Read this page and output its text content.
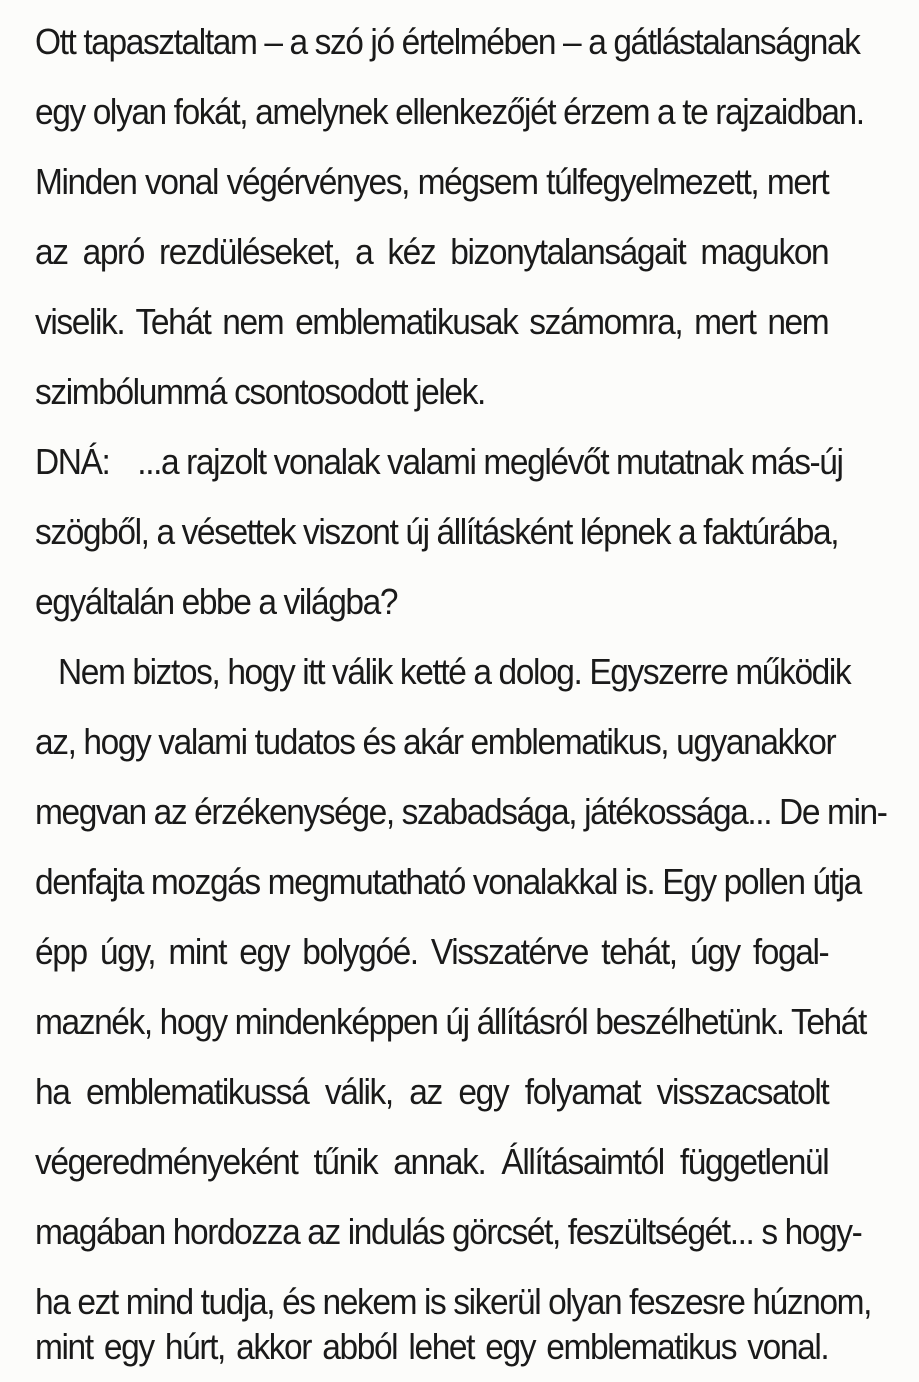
Ott tapasztaltam – a szó jó értelmében – a gátlástalanságnak
egy olyan fokát, amelynek ellenkezőjét érzem a te rajzaidban.
Minden vonal végérvényes, mégsem túlfegyelmezett, mert
az apró rezdüléseket, a kéz bizonytalanságait magukon
viselik. Tehát nem emblematikusak számomra, mert nem
szimbólummá csontosodott jelek.
DNÁ: ...a rajzolt vonalak valami meglévőt mutatnak más-új
szögből, a vésettek viszont új állításként lépnek a faktúrába,
egyáltalán ebbe a világba?
Nem biztos, hogy itt válik ketté a dolog. Egyszerre működik
az, hogy valami tudatos és akár emblematikus, ugyanakkor
megvan az érzékenysége, szabadsága, játékossága... De min-
denfajta mozgás megmutatható vonalakkal is. Egy pollen útja
épp úgy, mint egy bolygóé. Visszatérve tehát, úgy fogal-
maznék, hogy mindenképpen új állításról beszélhetünk. Tehát
ha emblematikussá válik, az egy folyamat visszacsatolt
végeredményeként tűnik annak. Állításaimtól függetlenül
magában hordozza az indulás görcsét, feszültségét... s hogy-
ha ezt mind tudja, és nekem is sikerül olyan feszesre húznom,
mint egy húrt, akkor abból lehet egy emblematikus vonal.
